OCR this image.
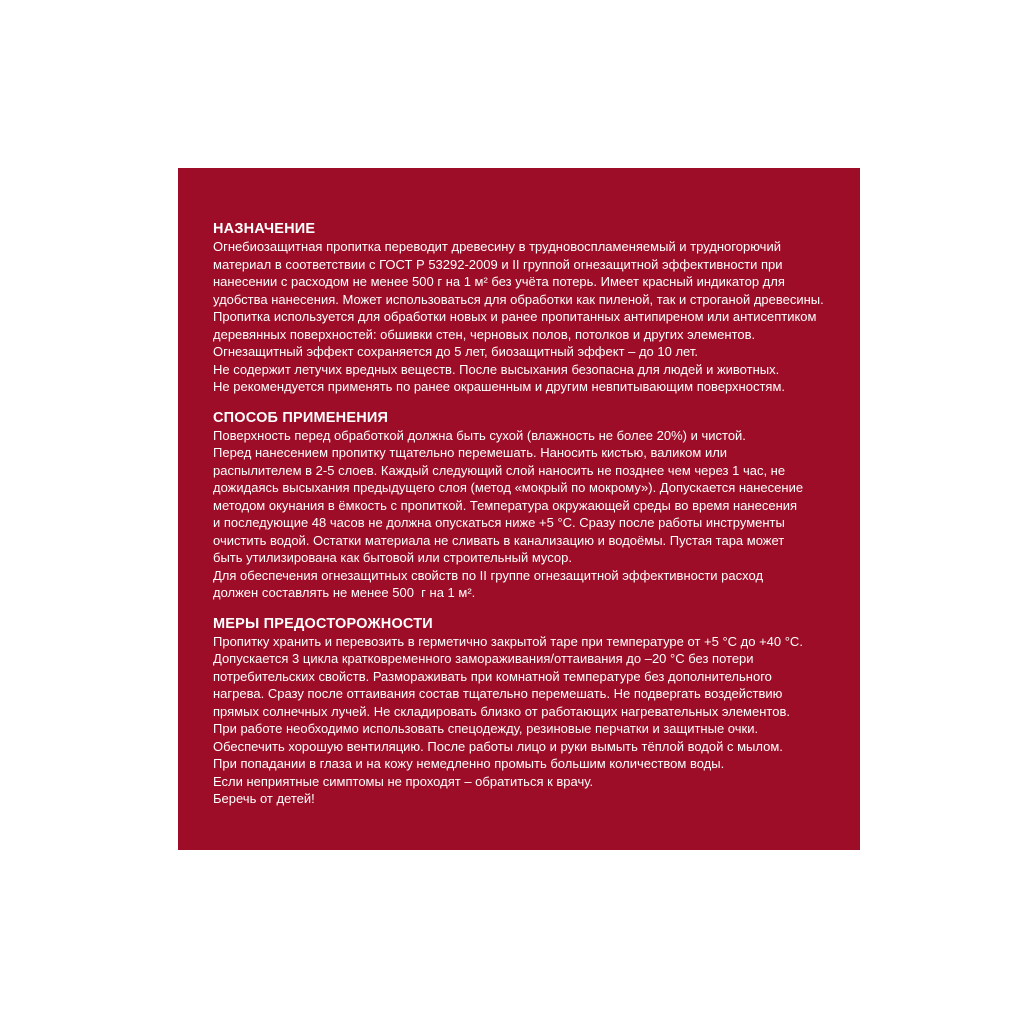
НАЗНАЧЕНИЕ
Огнебиозащитная пропитка переводит древесину в трудновоспламеняемый и трудногорючий
материал в соответствии с ГОСТ Р 53292-2009 и II группой огнезащитной эффективности при
нанесении с расходом не менее 500 г на 1 м² без учёта потерь. Имеет красный индикатор для
удобства нанесения. Может использоваться для обработки как пиленой, так и строганой древесины.
Пропитка используется для обработки новых и ранее пропитанных антипиреном или антисептиком
деревянных поверхностей: обшивки стен, черновых полов, потолков и других элементов.
Огнезащитный эффект сохраняется до 5 лет, биозащитный эффект – до 10 лет.
Не содержит летучих вредных веществ. После высыхания безопасна для людей и животных.
Не рекомендуется применять по ранее окрашенным и другим невпитывающим поверхностям.
СПОСОБ ПРИМЕНЕНИЯ
Поверхность перед обработкой должна быть сухой (влажность не более 20%) и чистой.
Перед нанесением пропитку тщательно перемешать. Наносить кистью, валиком или
распылителем в 2-5 слоев. Каждый следующий слой наносить не позднее чем через 1 час, не
дожидаясь высыхания предыдущего слоя (метод «мокрый по мокрому»). Допускается нанесение
методом окунания в ёмкость с пропиткой. Температура окружающей среды во время нанесения
и последующие 48 часов не должна опускаться ниже +5 °С. Сразу после работы инструменты
очистить водой. Остатки материала не сливать в канализацию и водоёмы. Пустая тара может
быть утилизирована как бытовой или строительный мусор.
Для обеспечения огнезащитных свойств по II группе огнезащитной эффективности расход
должен составлять не менее 500  г на 1 м².
МЕРЫ ПРЕДОСТОРОЖНОСТИ
Пропитку хранить и перевозить в герметично закрытой таре при температуре от +5 °С до +40 °С.
Допускается 3 цикла кратковременного замораживания/оттаивания до –20 °С без потери
потребительских свойств. Размораживать при комнатной температуре без дополнительного
нагрева. Сразу после оттаивания состав тщательно перемешать. Не подвергать воздействию
прямых солнечных лучей. Не складировать близко от работающих нагревательных элементов.
При работе необходимо использовать спецодежду, резиновые перчатки и защитные очки.
Обеспечить хорошую вентиляцию. После работы лицо и руки вымыть тёплой водой с мылом.
При попадании в глаза и на кожу немедленно промыть большим количеством воды.
Если неприятные симптомы не проходят – обратиться к врачу.
Беречь от детей!
